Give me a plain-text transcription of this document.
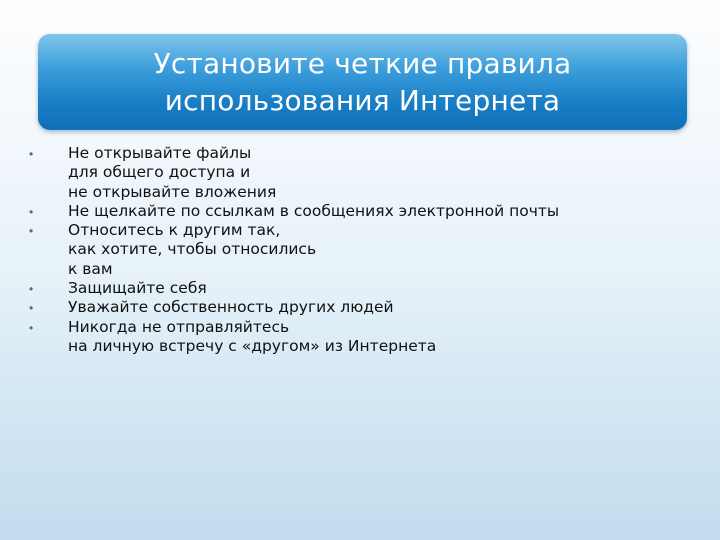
Установите четкие правила
использования Интернета
• Не открывайте файлы
для общего доступа и
не открывайте вложения
• Не щелкайте по ссылкам в сообщениях электронной почты
• Относитесь к другим так,
как хотите, чтобы относились
к вам
• Защищайте себя
• Уважайте собственность других людей
• Никогда не отправляйтесь
на личную встречу с «другом» из Интернета
